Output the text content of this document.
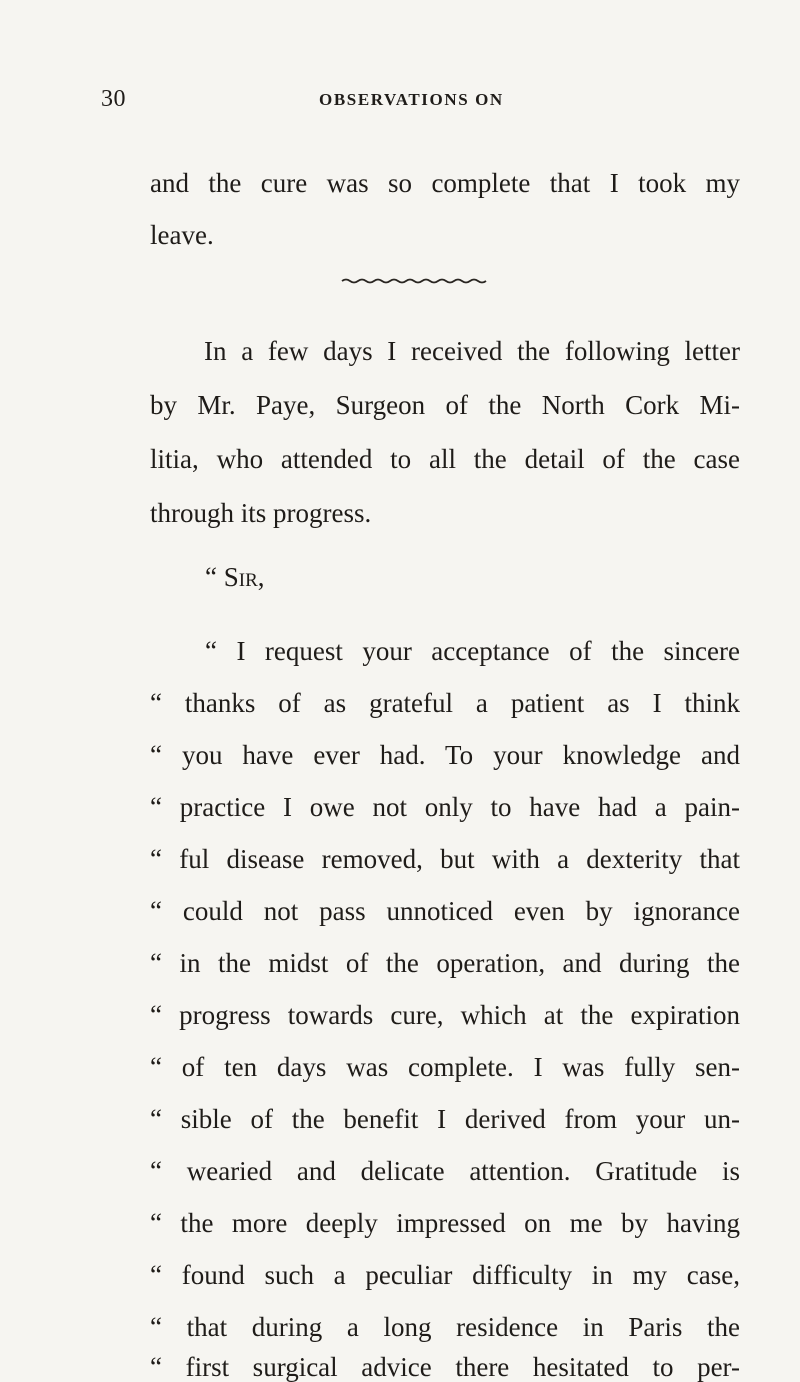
30	OBSERVATIONS ON
and the cure was so complete that I took my
leave.
In a few days I received the following letter
by Mr. Paye, Surgeon of the North Cork Mi-
litia, who attended to all the detail of the case
through its progress.
“ Sir,
“ I request your acceptance of the sincere
“ thanks of as grateful a patient as I think
“ you have ever had. To your knowledge and
“ practice I owe not only to have had a pain-
“ ful disease removed, but with a dexterity that
“ could not pass unnoticed even by ignorance
“ in the midst of the operation, and during the
“ progress towards cure, which at the expiration
“ of ten days was complete. I was fully sen-
“ sible of the benefit I derived from your un-
“ wearied and delicate attention. Gratitude is
“ the more deeply impressed on me by having
“ found such a peculiar difficulty in my case,
“ that during a long residence in Paris the
“ first surgical advice there hesitated to per-
